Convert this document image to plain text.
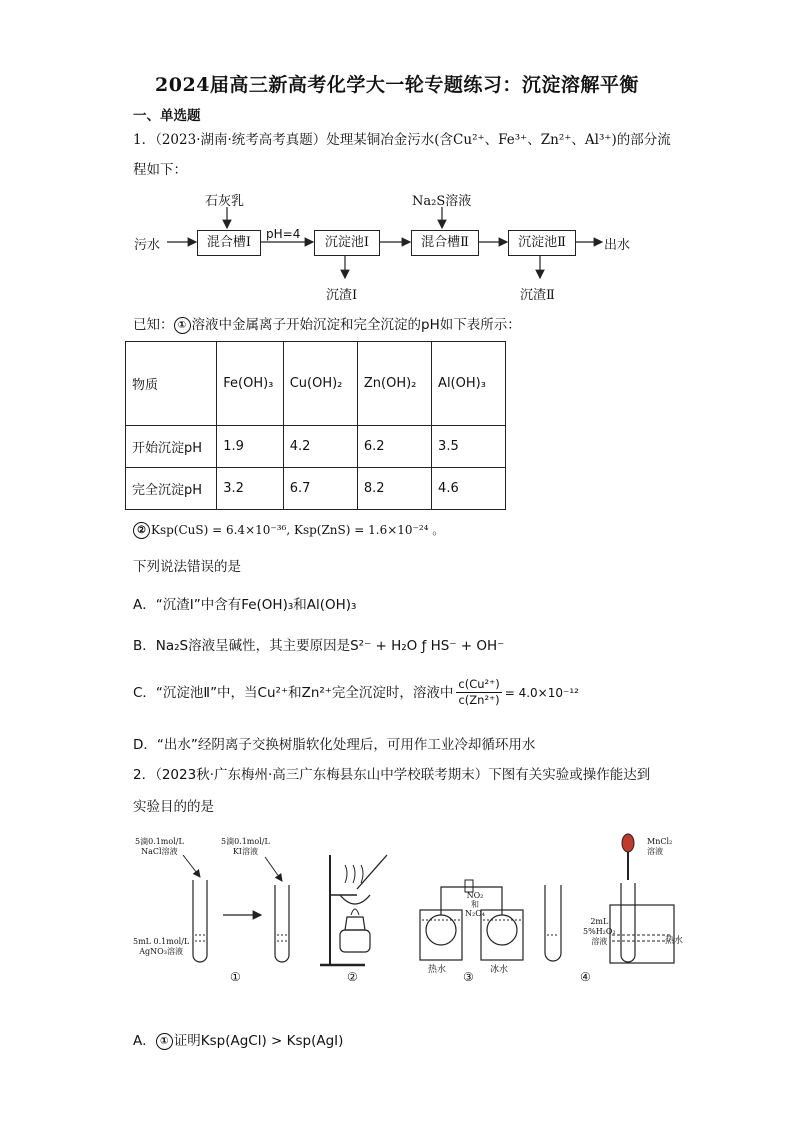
2024届高三新高考化学大一轮专题练习：沉淀溶解平衡
一、单选题
1．（2023·湖南·统考高考真题）处理某铜冶金污水(含Cu²⁺、Fe³⁺、Zn²⁺、Al³⁺)的部分流
程如下：
污水
石灰乳
混合槽Ⅰ
pH=4
沉淀池Ⅰ
沉渣Ⅰ
Na₂S溶液
混合槽Ⅱ	沉淀池Ⅱ
沉渣Ⅱ
出水
已知： ① 溶液中金属离子开始沉淀和完全沉淀的pH如下表所示：
物质	Fe(OH)₃	Cu(OH)₂	Zn(OH)₂	Al(OH)₃
开始沉淀pH	1.9	4.2	6.2	3.5
完全沉淀pH	3.2	6.7	8.2	4.6
② Ksp(CuS) = 6.4×10⁻³⁶, Ksp(ZnS) = 1.6×10⁻²⁴ 。
下列说法错误的是
A．“沉渣Ⅰ”中含有Fe(OH)₃和Al(OH)₃
B．Na₂S溶液呈碱性，其主要原因是S²⁻ + H₂O ƒ HS⁻ + OH⁻
C．“沉淀池Ⅱ”中，当Cu²⁺和Zn²⁺完全沉淀时，溶液中 $\frac{\text{c(Cu²⁺)}}{\text{c(Zn²⁺)}} = 4.0\times 10^{-12}$
D．“出水”经阴离子交换树脂软化处理后，可用作工业冷却循环用水
2．（2023秋·广东梅州·高三广东梅县东山中学校联考期末）下图有关实验或操作能达到
实验目的的是
5滴0.1mol/L
NaCl溶液
5mL 0.1mol/L
AgNO₃溶液
5滴0.1mol/L
KI溶液
NO₂
和
N₂O₄
热水	冰水
MnCl₂
溶液
2mL
5%H₂O₂
溶液	热水
①	②	③	④
A． ① 证明Ksp(AgCl) > Ksp(AgI)
